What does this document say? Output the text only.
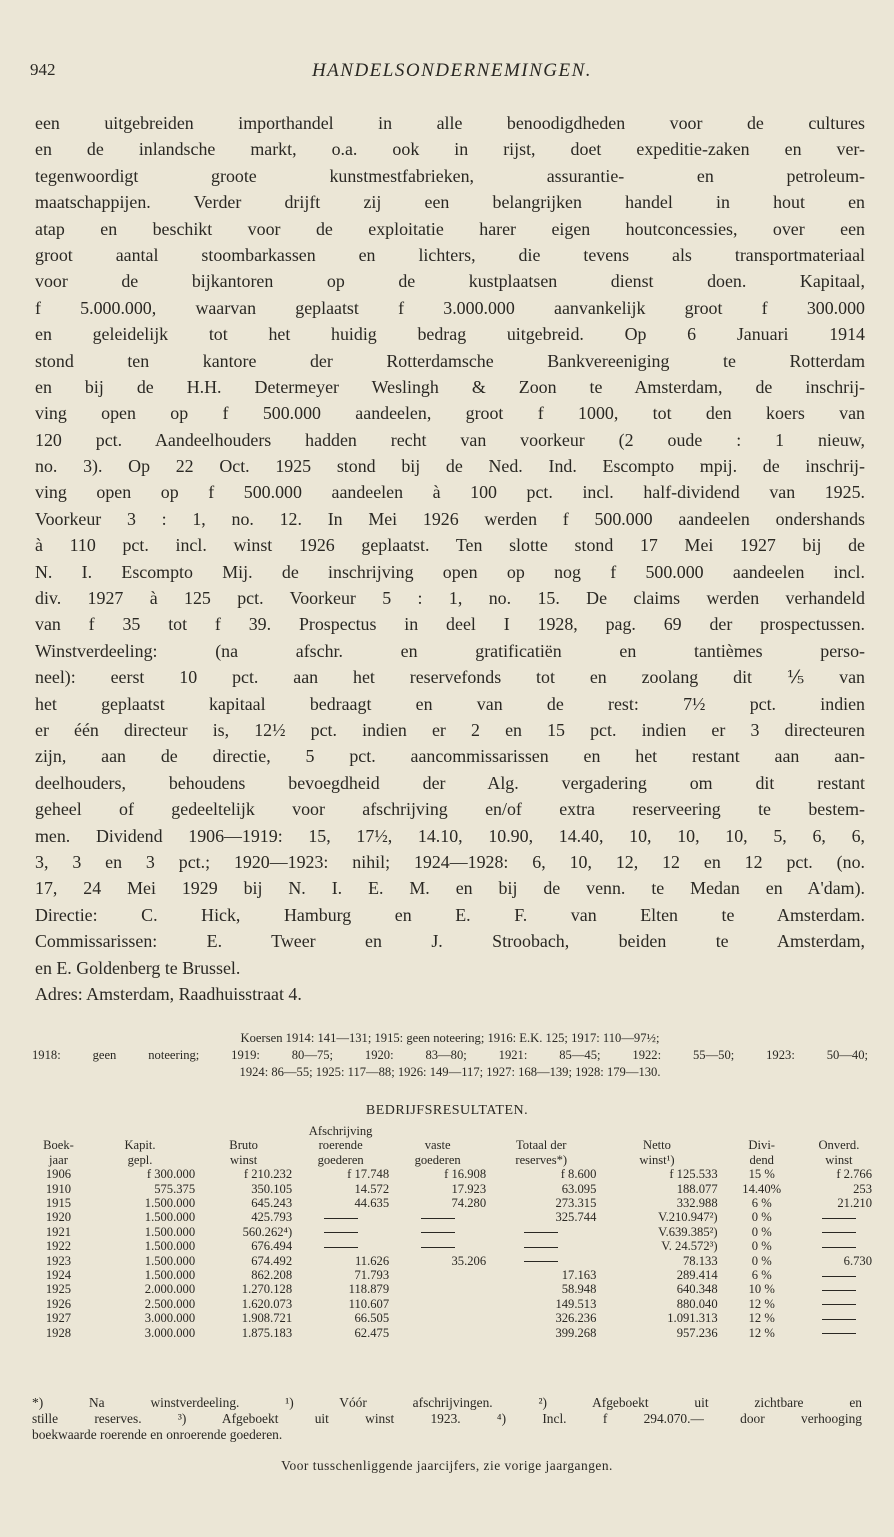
942	HANDELSONDERNEMINGEN.
een uitgebreiden importhandel in alle benoodigdheden voor de cultures
en de inlandsche markt, o.a. ook in rijst, doet expeditie-zaken en ver-
tegenwoordigt groote kunstmestfabrieken, assurantie- en petroleum-
maatschappijen. Verder drijft zij een belangrijken handel in hout en
atap en beschikt voor de exploitatie harer eigen houtconcessies, over een
groot aantal stoombarkassen en lichters, die tevens als transportmateriaal
voor de bijkantoren op de kustplaatsen dienst doen. Kapitaal,
f 5.000.000, waarvan geplaatst f 3.000.000 aanvankelijk groot f 300.000
en geleidelijk tot het huidig bedrag uitgebreid. Op 6 Januari 1914
stond ten kantore der Rotterdamsche Bankvereeniging te Rotterdam
en bij de H.H. Determeyer Weslingh & Zoon te Amsterdam, de inschrij-
ving open op f 500.000 aandeelen, groot f 1000, tot den koers van
120 pct. Aandeelhouders hadden recht van voorkeur (2 oude : 1 nieuw,
no. 3). Op 22 Oct. 1925 stond bij de Ned. Ind. Escompto mpij. de inschrij-
ving open op f 500.000 aandeelen à 100 pct. incl. half-dividend van 1925.
Voorkeur 3 : 1, no. 12. In Mei 1926 werden f 500.000 aandeelen ondershands
à 110 pct. incl. winst 1926 geplaatst. Ten slotte stond 17 Mei 1927 bij de
N. I. Escompto Mij. de inschrijving open op nog f 500.000 aandeelen incl.
div. 1927 à 125 pct. Voorkeur 5 : 1, no. 15. De claims werden verhandeld
van f 35 tot f 39. Prospectus in deel I 1928, pag. 69 der prospectussen.
Winstverdeeling: (na afschr. en gratificatiën en tantièmes perso-
neel): eerst 10 pct. aan het reservefonds tot en zoolang dit ⅕ van
het geplaatst kapitaal bedraagt en van de rest: 7½ pct. indien
er één directeur is, 12½ pct. indien er 2 en 15 pct. indien er 3 directeuren
zijn, aan de directie, 5 pct. aancommissarissen en het restant aan aan-
deelhouders, behoudens bevoegdheid der Alg. vergadering om dit restant
geheel of gedeeltelijk voor afschrijving en/of extra reserveering te bestem-
men. Dividend 1906—1919: 15, 17½, 14.10, 10.90, 14.40, 10, 10, 10, 5, 6, 6,
3, 3 en 3 pct.; 1920—1923: nihil; 1924—1928: 6, 10, 12, 12 en 12 pct. (no.
17, 24 Mei 1929 bij N. I. E. M. en bij de venn. te Medan en A'dam).
Directie: C. Hick, Hamburg en E. F. van Elten te Amsterdam.
Commissarissen: E. Tweer en J. Stroobach, beiden te Amsterdam,
en E. Goldenberg te Brussel.
Adres: Amsterdam, Raadhuisstraat 4.
Koersen 1914: 141—131; 1915: geen noteering; 1916: E.K. 125; 1917: 110—97½;
1918: geen noteering; 1919: 80—75; 1920: 83—80; 1921: 85—45; 1922: 55—50; 1923: 50—40;
1924: 86—55; 1925: 117—88; 1926: 149—117; 1927: 168—139; 1928: 179—130.
BEDRIJFSRESULTATEN.
			Afschrijving					
Boek-	Kapit.	Bruto	roerende	vaste	Totaal der	Netto	Divi-	Onverd.
jaar	gepl.	winst	goederen	goederen	reserves*)	winst¹)	dend	winst
1906	f 300.000	f 210.232	f 17.748	f 16.908	f 8.600	f 125.533	15 %	f 2.766
1910	575.375	350.105	14.572	17.923	63.095	188.077	14.40%	253
1915	1.500.000	645.243	44.635	74.280	273.315	332.988	6 %	21.210
1920	1.500.000	425.793			325.744	V.210.947²)	0 %	
1921	1.500.000	560.262⁴)				V.639.385²)	0 %	
1922	1.500.000	676.494				V. 24.572³)	0 %	
1923	1.500.000	674.492	11.626	35.206		78.133	0 %	6.730
1924	1.500.000	862.208	71.793		17.163	289.414	6 %	
1925	2.000.000	1.270.128	118.879		58.948	640.348	10 %	
1926	2.500.000	1.620.073	110.607		149.513	880.040	12 %	
1927	3.000.000	1.908.721	66.505		326.236	1.091.313	12 %	
1928	3.000.000	1.875.183	62.475		399.268	957.236	12 %	
*) Na winstverdeeling. ¹) Vóór afschrijvingen. ²) Afgeboekt uit zichtbare en
stille reserves. ³) Afgeboekt uit winst 1923. ⁴) Incl. f 294.070.— door verhooging
boekwaarde roerende en onroerende goederen.
Voor tusschenliggende jaarcijfers, zie vorige jaargangen.
